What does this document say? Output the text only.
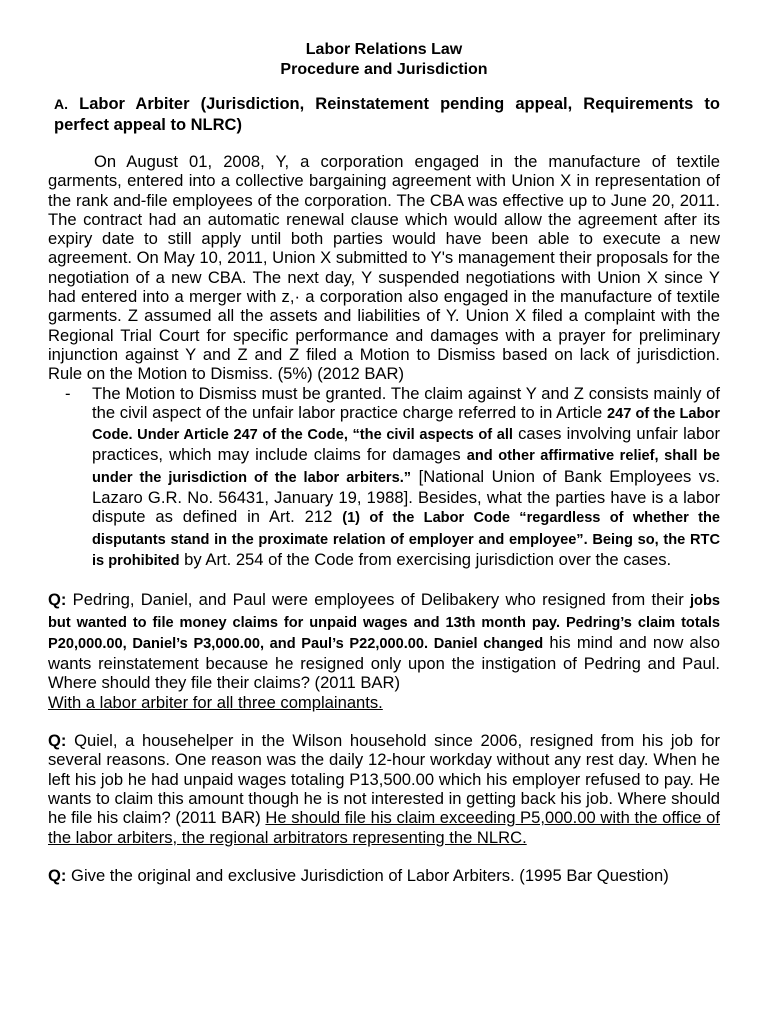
Labor Relations Law
Procedure and Jurisdiction
A. Labor Arbiter (Jurisdiction, Reinstatement pending appeal, Requirements to perfect appeal to NLRC)

On August 01, 2008, Y, a corporation engaged in the manufacture of textile garments, entered into a collective bargaining agreement with Union X in representation of the rank and-file employees of the corporation. The CBA was effective up to June 20, 2011. The contract had an automatic renewal clause which would allow the agreement after its expiry date to still apply until both parties would have been able to execute a new agreement. On May 10, 2011, Union X submitted to Y's management their proposals for the negotiation of a new CBA. The next day, Y suspended negotiations with Union X since Y had entered into a merger with z,· a corporation also engaged in the manufacture of textile garments. Z assumed all the assets and liabilities of Y. Union X filed a complaint with the Regional Trial Court for specific performance and damages with a prayer for preliminary injunction against Y and Z and Z filed a Motion to Dismiss based on lack of jurisdiction. Rule on the Motion to Dismiss. (5%) (2012 BAR)

- The Motion to Dismiss must be granted. The claim against Y and Z consists mainly of the civil aspect of the unfair labor practice charge referred to in Article 247 of the Labor Code. Under Article 247 of the Code, “the civil aspects of all cases involving unfair labor practices, which may include claims for damages and other affirmative relief, shall be under the jurisdiction of the labor arbiters.” [National Union of Bank Employees vs. Lazaro G.R. No. 56431, January 19, 1988]. Besides, what the parties have is a labor dispute as defined in Art. 212 (1) of the Labor Code “regardless of whether the disputants stand in the proximate relation of employer and employee”. Being so, the RTC is prohibited by Art. 254 of the Code from exercising jurisdiction over the cases.
Q: Pedring, Daniel, and Paul were employees of Delibakery who resigned from their jobs but wanted to file money claims for unpaid wages and 13th month pay. Pedring’s claim totals P20,000.00, Daniel’s P3,000.00, and Paul’s P22,000.00. Daniel changed his mind and now also wants reinstatement because he resigned only upon the instigation of Pedring and Paul. Where should they file their claims? (2011 BAR)
With a labor arbiter for all three complainants.
Q: Quiel, a househelper in the Wilson household since 2006, resigned from his job for several reasons. One reason was the daily 12-hour workday without any rest day. When he left his job he had unpaid wages totaling P13,500.00 which his employer refused to pay. He wants to claim this amount though he is not interested in getting back his job. Where should he file his claim? (2011 BAR) He should file his claim exceeding P5,000.00 with the office of the labor arbiters, the regional arbitrators representing the NLRC.
Q: Give the original and exclusive Jurisdiction of Labor Arbiters. (1995 Bar Question)
